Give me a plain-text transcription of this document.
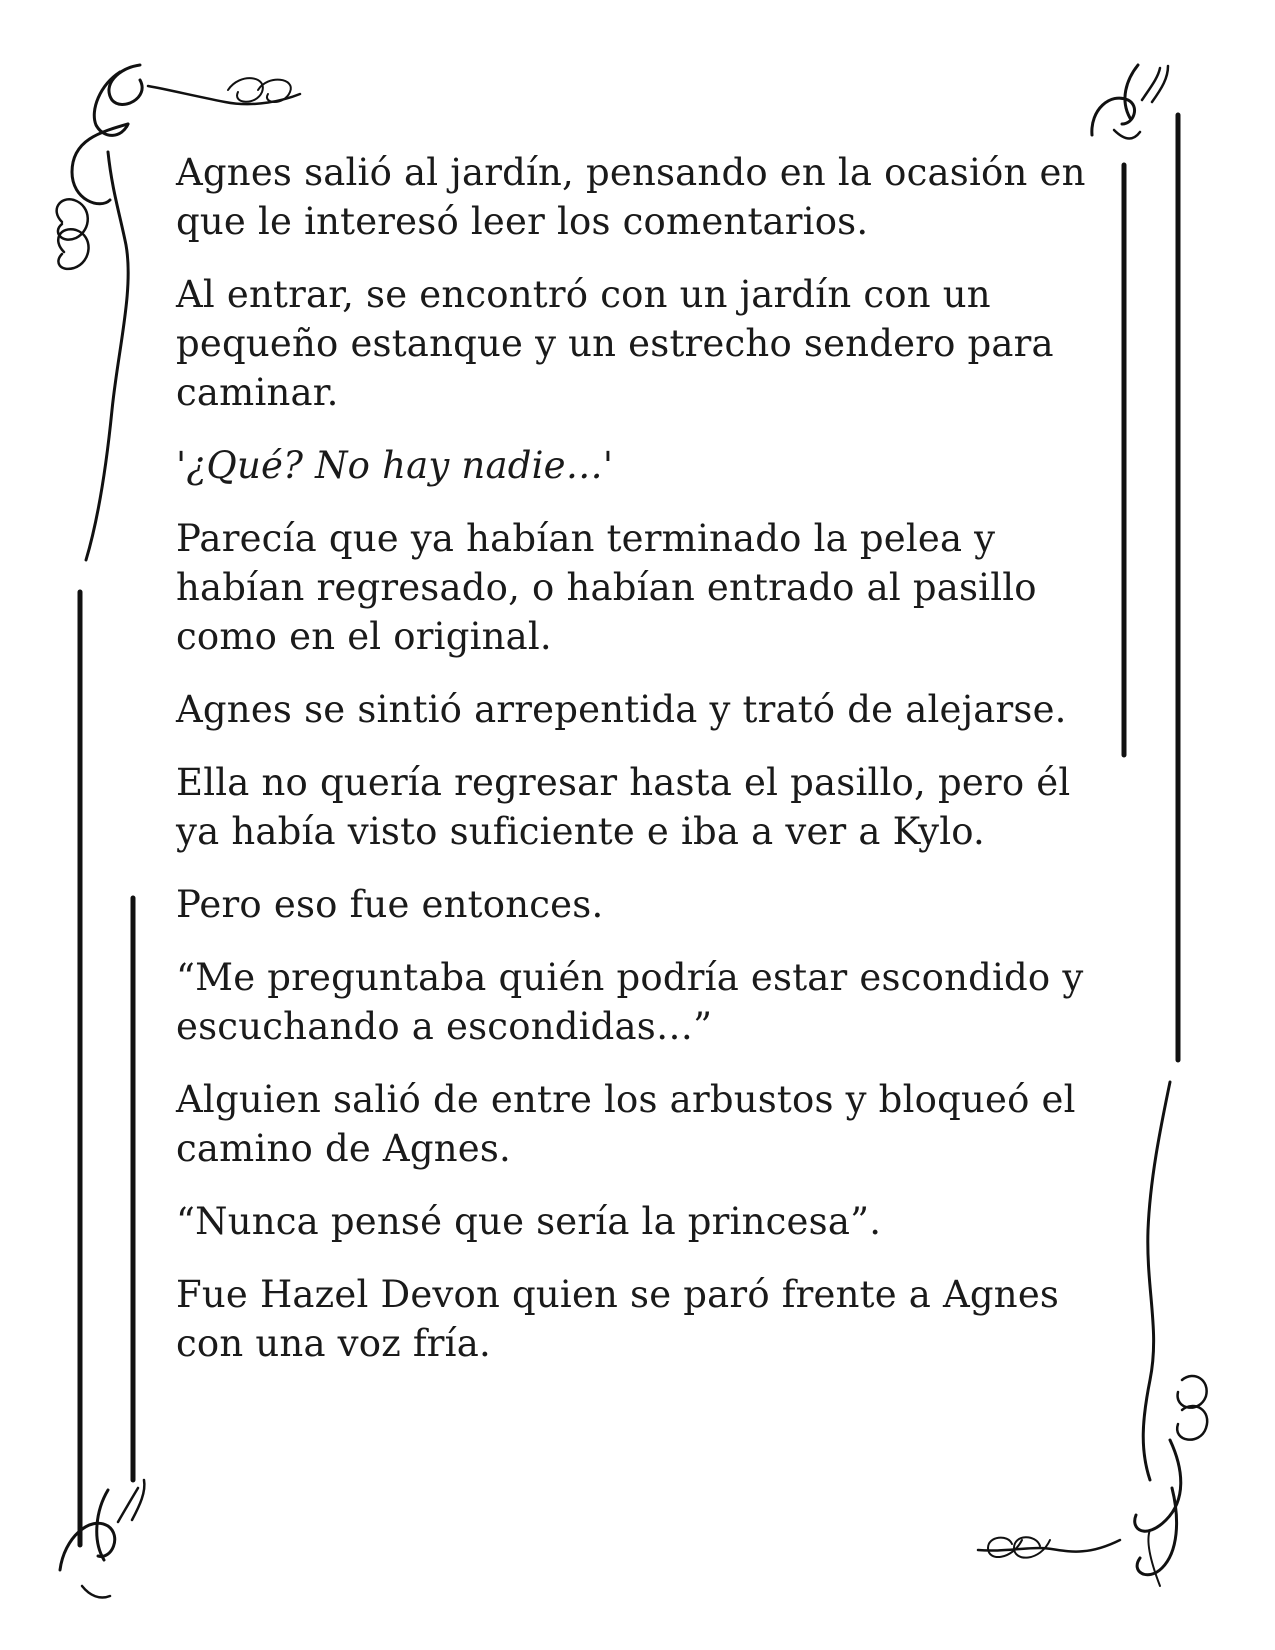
Agnes salió al jardín, pensando en la ocasión en que le interesó leer los comentarios.

Al entrar, se encontró con un jardín con un pequeño estanque y un estrecho sendero para caminar.

'¿Qué? No hay nadie…'

Parecía que ya habían terminado la pelea y habían regresado, o habían entrado al pasillo como en el original.

Agnes se sintió arrepentida y trató de alejarse.

Ella no quería regresar hasta el pasillo, pero él ya había visto suficiente e iba a ver a Kylo.

Pero eso fue entonces.

“Me preguntaba quién podría estar escondido y escuchando a escondidas…”

Alguien salió de entre los arbustos y bloqueó el camino de Agnes.

“Nunca pensé que sería la princesa”.

Fue Hazel Devon quien se paró frente a Agnes con una voz fría.
